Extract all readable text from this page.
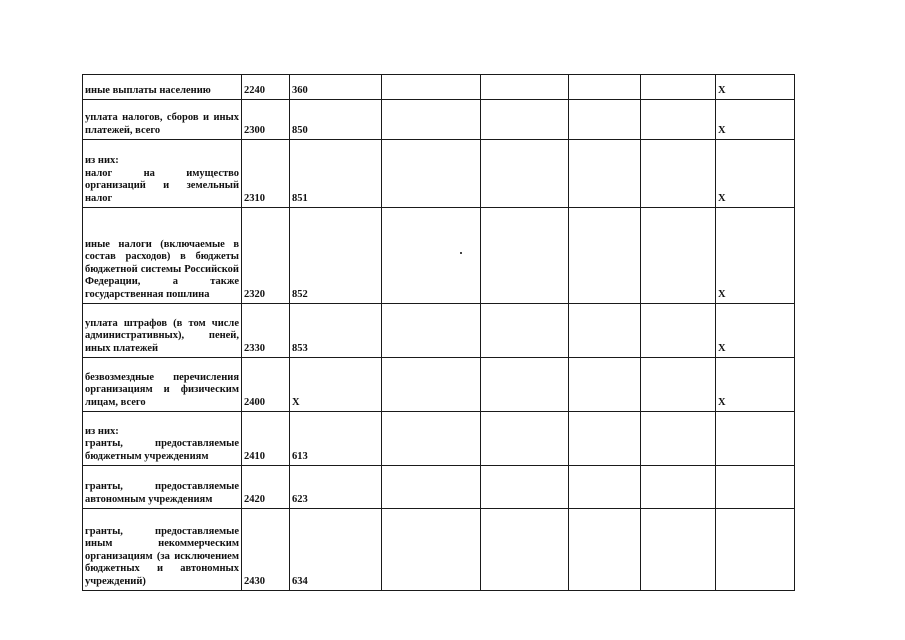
иные выплаты населению	2240	360					Х

уплата налогов, сборов и иных платежей, всего	2300	850					Х

из них:
налог на имущество организаций и земельный налог	2310	851					Х

иные налоги (включаемые в состав расходов) в бюджеты бюджетной системы Российской Федерации, а также государственная пошлина	2320	852					Х

уплата штрафов (в том числе административных), пеней, иных платежей	2330	853					Х

безвозмездные перечисления организациям и физическим лицам, всего	2400	Х					Х

из них:
гранты, предоставляемые бюджетным учреждениям	2410	613					

гранты, предоставляемые автономным учреждениям	2420	623					

гранты, предоставляемые иным некоммерческим организациям (за исключением бюджетных и автономных учреждений)	2430	634					
